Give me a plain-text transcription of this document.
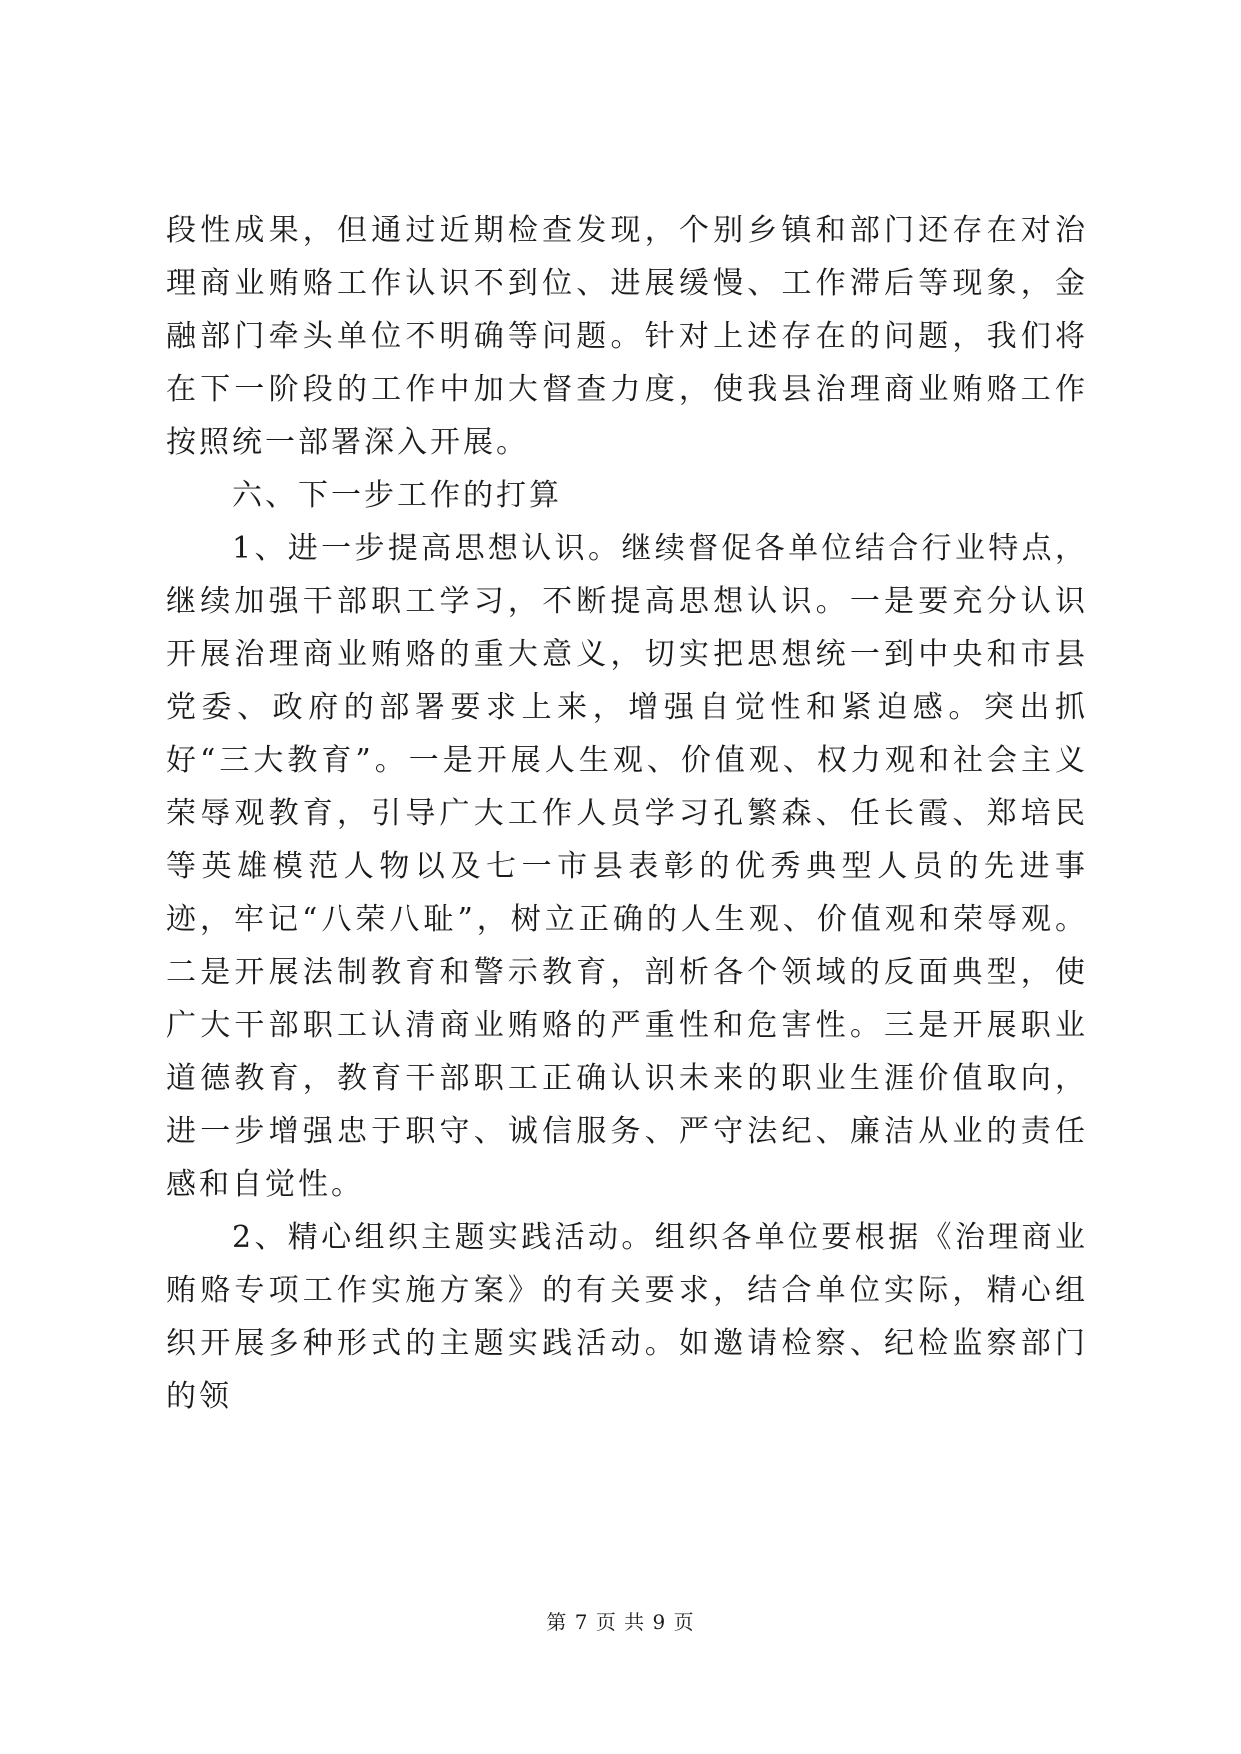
段性成果，但通过近期检查发现，个别乡镇和部门还存在对治理商业贿赂工作认识不到位、进展缓慢、工作滞后等现象，金融部门牵头单位不明确等问题。针对上述存在的问题，我们将在下一阶段的工作中加大督查力度，使我县治理商业贿赂工作按照统一部署深入开展。

六、下一步工作的打算

1、进一步提高思想认识。继续督促各单位结合行业特点，继续加强干部职工学习，不断提高思想认识。一是要充分认识开展治理商业贿赂的重大意义，切实把思想统一到中央和市县党委、政府的部署要求上来，增强自觉性和紧迫感。突出抓好“三大教育”。一是开展人生观、价值观、权力观和社会主义荣辱观教育，引导广大工作人员学习孔繁森、任长霞、郑培民等英雄模范人物以及七一市县表彰的优秀典型人员的先进事迹，牢记“八荣八耻”，树立正确的人生观、价值观和荣辱观。二是开展法制教育和警示教育，剖析各个领域的反面典型，使广大干部职工认清商业贿赂的严重性和危害性。三是开展职业道德教育，教育干部职工正确认识未来的职业生涯价值取向，进一步增强忠于职守、诚信服务、严守法纪、廉洁从业的责任感和自觉性。

2、精心组织主题实践活动。组织各单位要根据《治理商业贿赂专项工作实施方案》的有关要求，结合单位实际，精心组织开展多种形式的主题实践活动。如邀请检察、纪检监察部门的领

第 7 页 共 9 页
